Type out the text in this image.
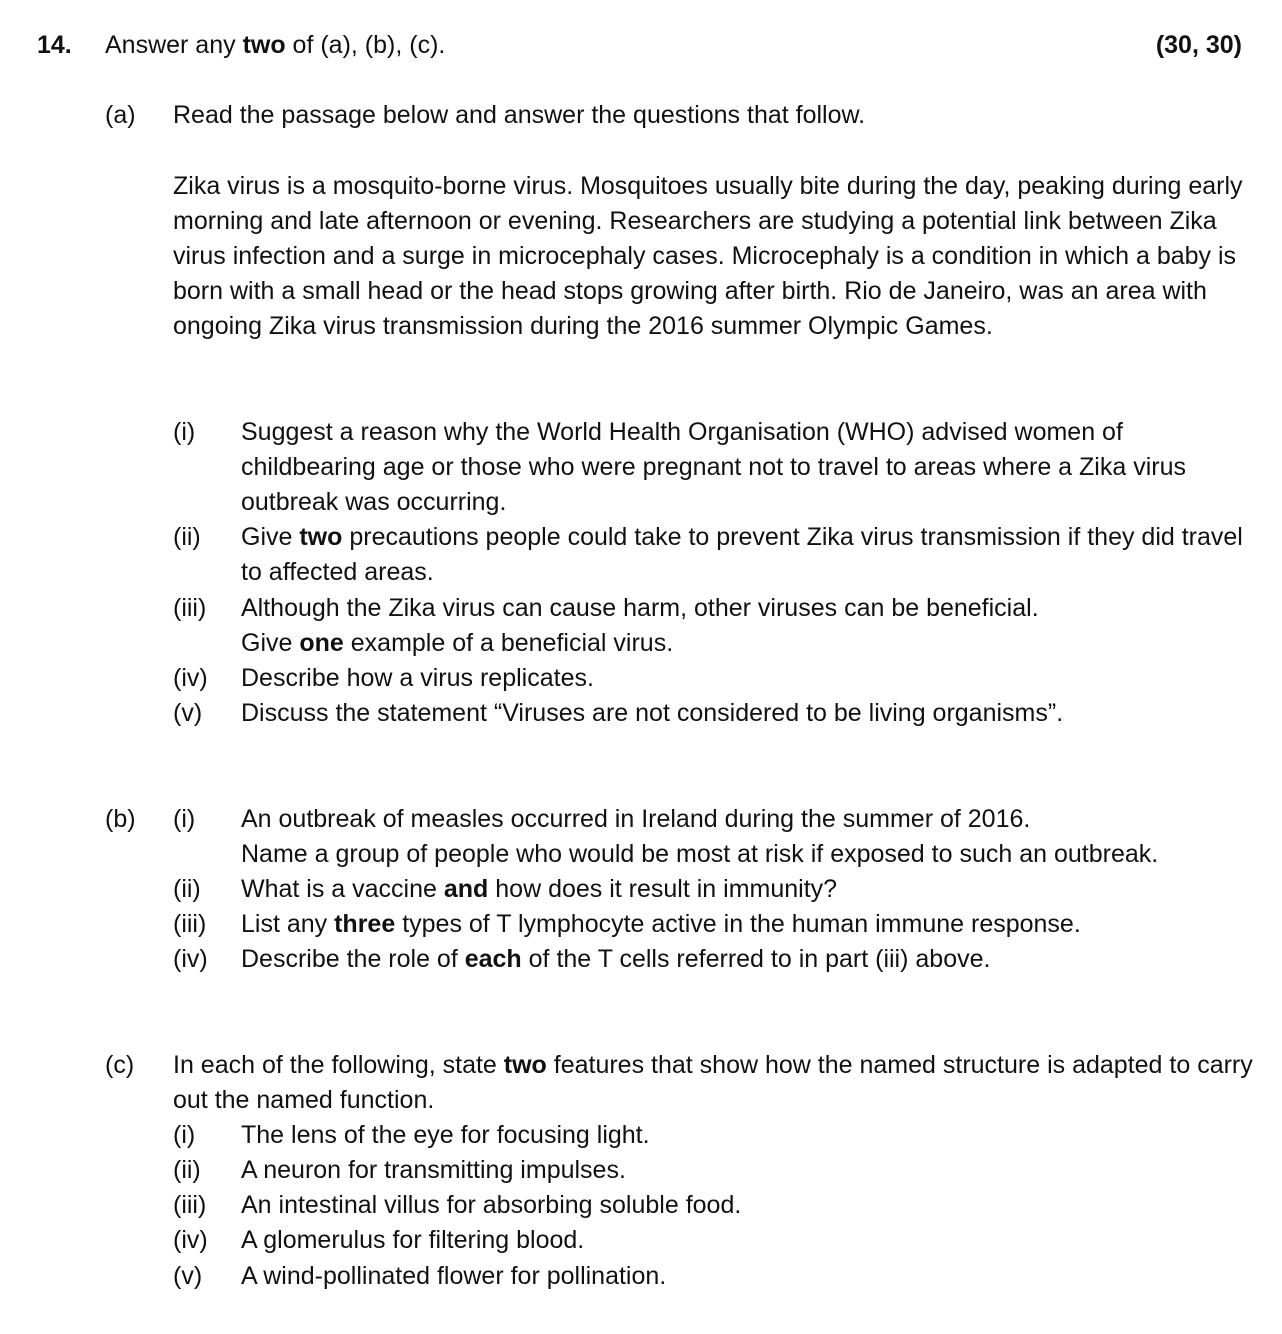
14. Answer any two of (a), (b), (c).	(30, 30)
(a) Read the passage below and answer the questions that follow.
Zika virus is a mosquito-borne virus. Mosquitoes usually bite during the day, peaking during early morning and late afternoon or evening. Researchers are studying a potential link between Zika virus infection and a surge in microcephaly cases. Microcephaly is a condition in which a baby is born with a small head or the head stops growing after birth. Rio de Janeiro, was an area with ongoing Zika virus transmission during the 2016 summer Olympic Games.
(i) Suggest a reason why the World Health Organisation (WHO) advised women of childbearing age or those who were pregnant not to travel to areas where a Zika virus outbreak was occurring.
(ii) Give two precautions people could take to prevent Zika virus transmission if they did travel to affected areas.
(iii) Although the Zika virus can cause harm, other viruses can be beneficial.
Give one example of a beneficial virus.
(iv) Describe how a virus replicates.
(v) Discuss the statement “Viruses are not considered to be living organisms”.
(b) (i) An outbreak of measles occurred in Ireland during the summer of 2016.
Name a group of people who would be most at risk if exposed to such an outbreak.
(ii) What is a vaccine and how does it result in immunity?
(iii) List any three types of T lymphocyte active in the human immune response.
(iv) Describe the role of each of the T cells referred to in part (iii) above.
(c) In each of the following, state two features that show how the named structure is adapted to carry out the named function.
(i) The lens of the eye for focusing light.
(ii) A neuron for transmitting impulses.
(iii) An intestinal villus for absorbing soluble food.
(iv) A glomerulus for filtering blood.
(v) A wind-pollinated flower for pollination.
